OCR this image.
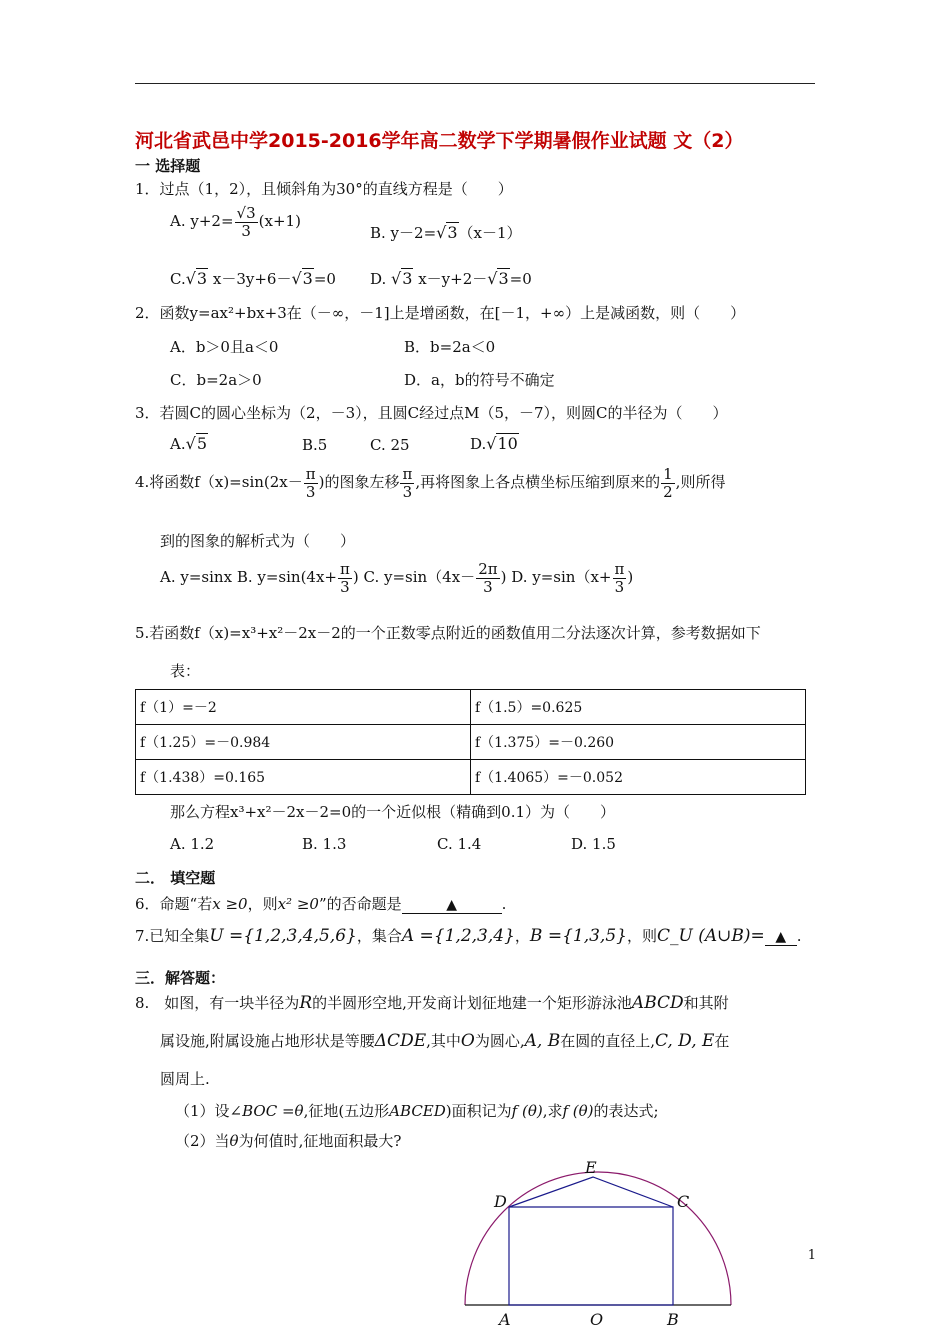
河北省武邑中学2015-2016学年高二数学下学期暑假作业试题 文（2）
一 选择题
1．过点（1，2），且倾斜角为30°的直线方程是（　　）
A. $y+2= \frac{√3}{3} (x+1)$
B. y－2=√3（x－1）
C.√3 x－3y+6－√3=0 D. √3 x－y+2－√3=0
2．函数y=ax²+bx+3在（－∞，－1]上是增函数，在[－1，+∞）上是减函数，则（　　）
A．b＞0且a＜0	B．b=2a＜0
C．b=2a＞0	D．a，b的符号不确定
3．若圆C的圆心坐标为（2，－3），且圆C经过点M（5，－7），则圆C的半径为（　　）
A.√5	B.5	C. 25	D.√10
4.将函数$f(x)=\sin(2x- \frac{\pi}{3}$ )的图象左移 $\frac{\pi}{3}$ ,再将图象上各点横坐标压缩到原来的 $\frac{1}{2}$ ,则所得
到的图象的解析式为（　　）
A. y=sinx B. $y=\sin(4x+ \frac{\pi}{3}$ ) C. $y=\sin(4x- \frac{2\pi}{3}$ ) D. $y=\sin(x+ \frac{\pi}{3}$ )
5.若函数f（x)=x³+x²－2x－2的一个正数零点附近的函数值用二分法逐次计算，参考数据如下
表：
f（1）=－2	f（1.5）=0.625
f（1.25）=－0.984	f（1.375）=－0.260
f（1.438）=0.165	f（1.4065）=－0.052
那么方程x³+x²－2x－2=0的一个近似根（精确到0.1）为（　　）
A. 1.2	B. 1.3	C. 1.4	D. 1.5
二． 填空题
6．命题“若x ≥0，则x² ≥0”的否命题是	▲	.
7.已知全集U ={1,2,3,4,5,6}，集合A ={1,2,3,4}，B ={1,3,5}，则C_U (A∪B)= ▲ .
三．解答题：
8.　如图，有一块半径为R的半圆形空地,开发商计划征地建一个矩形游泳池ABCD和其附
属设施,附属设施占地形状是等腰ΔCDE,其中O为圆心,A, B在圆的直径上,C, D, E在
圆周上.
（1）设∠BOC =θ,征地(五边形ABCED)面积记为f (θ),求f (θ)的表达式;
（2）当θ为何值时,征地面积最大?
E
D	C
A	O	B
1
